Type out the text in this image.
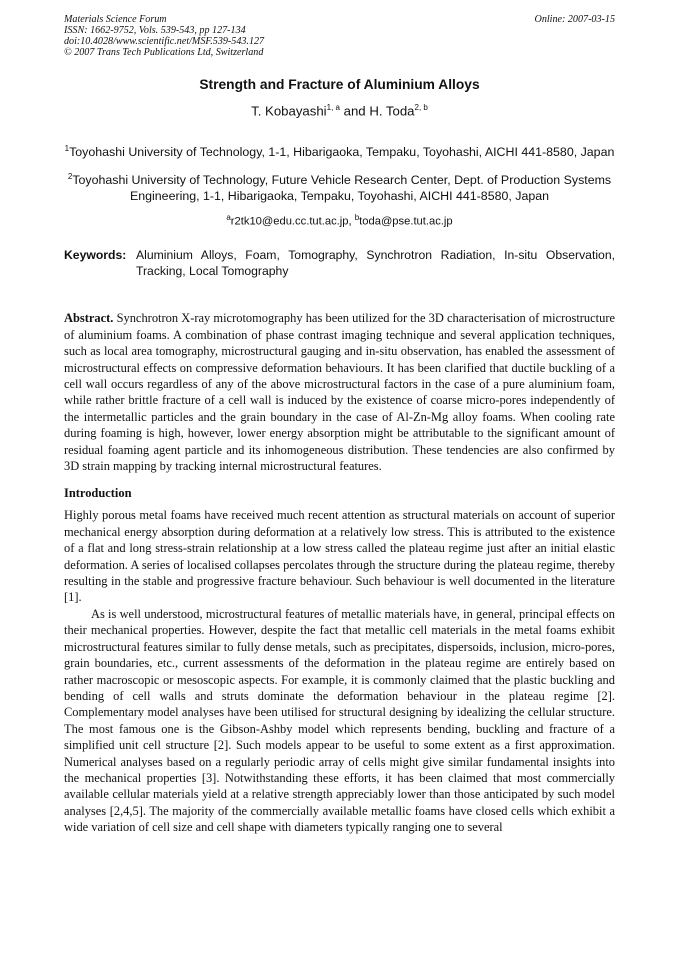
Materials Science Forum
ISSN: 1662-9752, Vols. 539-543, pp 127-134
doi:10.4028/www.scientific.net/MSF.539-543.127
© 2007 Trans Tech Publications Ltd, Switzerland
Online: 2007-03-15
Strength and Fracture of Aluminium Alloys
T. Kobayashi$^{1, a}$ and H. Toda$^{2, b}$
$^1$Toyohashi University of Technology, 1-1, Hibarigaoka, Tempaku, Toyohashi, AICHI 441-8580, Japan
$^2$Toyohashi University of Technology, Future Vehicle Research Center, Dept. of Production Systems Engineering, 1-1, Hibarigaoka, Tempaku, Toyohashi, AICHI 441-8580, Japan
$^a$r2tk10@edu.cc.tut.ac.jp, $^b$toda@pse.tut.ac.jp
Keywords: Aluminium Alloys, Foam, Tomography, Synchrotron Radiation, In-situ Observation, Tracking, Local Tomography
Abstract. Synchrotron X-ray microtomography has been utilized for the 3D characterisation of microstructure of aluminium foams. A combination of phase contrast imaging technique and several application techniques, such as local area tomography, microstructural gauging and in-situ observation, has enabled the assessment of microstructural effects on compressive deformation behaviours. It has been clarified that ductile buckling of a cell wall occurs regardless of any of the above microstructural factors in the case of a pure aluminium foam, while rather brittle fracture of a cell wall is induced by the existence of coarse micro-pores independently of the intermetallic particles and the grain boundary in the case of Al-Zn-Mg alloy foams. When cooling rate during foaming is high, however, lower energy absorption might be attributable to the significant amount of residual foaming agent particle and its inhomogeneous distribution. These tendencies are also confirmed by 3D strain mapping by tracking internal microstructural features.
Introduction

Highly porous metal foams have received much recent attention as structural materials on account of superior mechanical energy absorption during deformation at a relatively low stress. This is attributed to the existence of a flat and long stress-strain relationship at a low stress called the plateau regime just after an initial elastic deformation. A series of localised collapses percolates through the structure during the plateau regime, thereby resulting in the stable and progressive fracture behaviour. Such behaviour is well documented in the literature [1].

As is well understood, microstructural features of metallic materials have, in general, principal effects on their mechanical properties. However, despite the fact that metallic cell materials in the metal foams exhibit microstructural features similar to fully dense metals, such as precipitates, dispersoids, inclusion, micro-pores, grain boundaries, etc., current assessments of the deformation in the plateau regime are entirely based on rather macroscopic or mesoscopic aspects. For example, it is commonly claimed that the plastic buckling and bending of cell walls and struts dominate the deformation behaviour in the plateau regime [2]. Complementary model analyses have been utilised for structural designing by idealizing the cellular structure. The most famous one is the Gibson-Ashby model which represents bending, buckling and fracture of a simplified unit cell structure [2]. Such models appear to be useful to some extent as a first approximation. Numerical analyses based on a regularly periodic array of cells might give similar fundamental insights into the mechanical properties [3]. Notwithstanding these efforts, it has been claimed that most commercially available cellular materials yield at a relative strength appreciably lower than those anticipated by such model analyses [2,4,5]. The majority of the commercially available metallic foams have closed cells which exhibit a wide variation of cell size and cell shape with diameters typically ranging one to several
